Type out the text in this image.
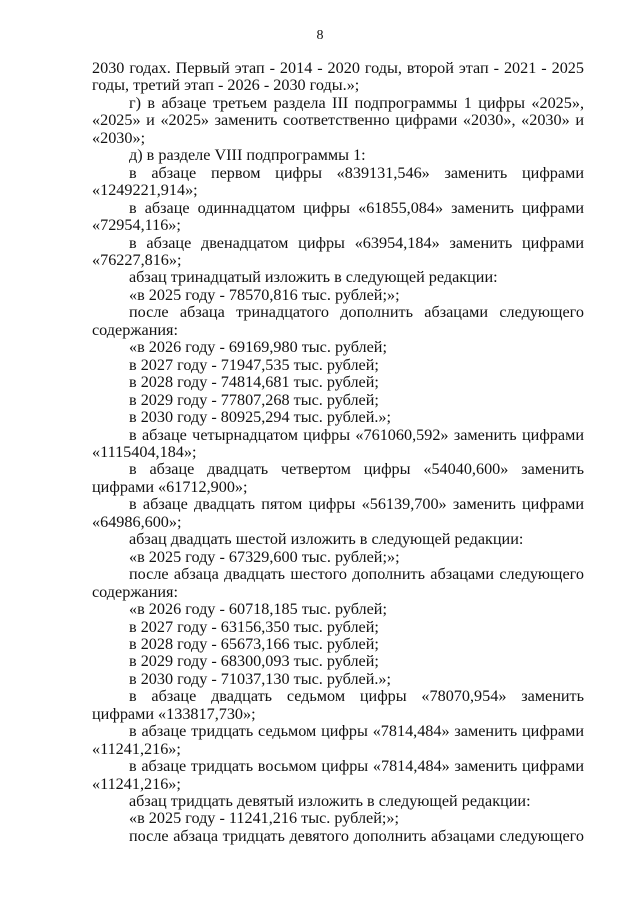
8

2030 годах. Первый этап - 2014 - 2020 годы, второй этап - 2021 - 2025 годы, третий этап - 2026 - 2030 годы.»;

г) в абзаце третьем раздела III подпрограммы 1 цифры «2025», «2025» и «2025» заменить соответственно цифрами «2030», «2030» и «2030»;

д) в разделе VIII подпрограммы 1:

в абзаце первом цифры «839131,546» заменить цифрами «1249221,914»;

в абзаце одиннадцатом цифры «61855,084» заменить цифрами «72954,116»;

в абзаце двенадцатом цифры «63954,184» заменить цифрами «76227,816»;

абзац тринадцатый изложить в следующей редакции:

«в 2025 году - 78570,816 тыс. рублей;»;

после абзаца тринадцатого дополнить абзацами следующего содержания:

«в 2026 году - 69169,980 тыс. рублей;

в 2027 году - 71947,535 тыс. рублей;

в 2028 году - 74814,681 тыс. рублей;

в 2029 году - 77807,268 тыс. рублей;

в 2030 году - 80925,294 тыс. рублей.»;

в абзаце четырнадцатом цифры «761060,592» заменить цифрами «1115404,184»;

в абзаце двадцать четвертом цифры «54040,600» заменить цифрами «61712,900»;

в абзаце двадцать пятом цифры «56139,700» заменить цифрами «64986,600»;

абзац двадцать шестой изложить в следующей редакции:

«в 2025 году - 67329,600 тыс. рублей;»;

после абзаца двадцать шестого дополнить абзацами следующего содержания:

«в 2026 году - 60718,185 тыс. рублей;

в 2027 году - 63156,350 тыс. рублей;

в 2028 году - 65673,166 тыс. рублей;

в 2029 году - 68300,093 тыс. рублей;

в 2030 году - 71037,130 тыс. рублей.»;

в абзаце двадцать седьмом цифры «78070,954» заменить цифрами «133817,730»;

в абзаце тридцать седьмом цифры «7814,484» заменить цифрами «11241,216»;

в абзаце тридцать восьмом цифры «7814,484» заменить цифрами «11241,216»;

абзац тридцать девятый изложить в следующей редакции:

«в 2025 году - 11241,216 тыс. рублей;»;

после абзаца тридцать девятого дополнить абзацами следующего
